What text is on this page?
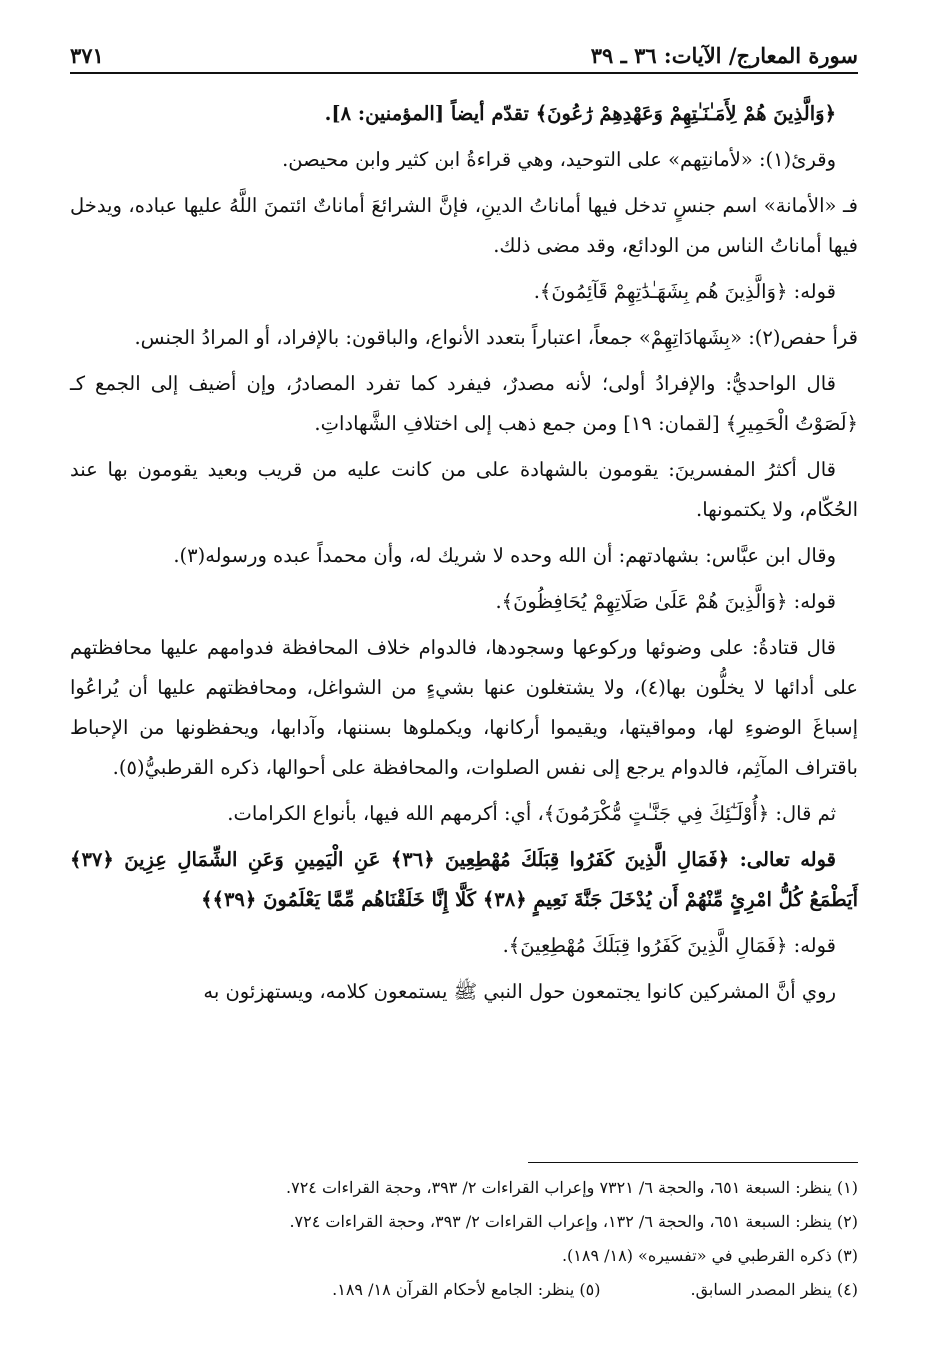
سورة المعارج/ الآيات: ٣٦ ـ ٣٩
٣٧١

﴿وَالَّذِينَ هُمْ لِأَمَـٰنَـٰتِهِمْ وَعَهْدِهِمْ رَٰعُونَ﴾ تقدّم أيضاً [المؤمنين: ٨].

وقرئ(١): «لأمانتِهم» على التوحيد، وهي قراءةُ ابن كثير وابن محيصن.

فـ «الأمانة» اسم جنسٍ تدخل فيها أماناتُ الدينِ، فإنَّ الشرائعَ أماناتٌ ائتمنَ اللَّهُ عليها عباده، ويدخل فيها أماناتُ الناس من الودائع، وقد مضى ذلك.

قوله: ﴿وَالَّذِينَ هُم بِشَهَـٰدَٰتِهِمْ قَآئِمُونَ﴾.

قرأ حفص(٢): «بِشَهادَاتِهِمْ» جمعاً، اعتباراً بتعدد الأنواع، والباقون: بالإفراد، أو المرادُ الجنس.

قال الواحديُّ: والإفرادُ أولى؛ لأنه مصدرٌ، فيفرد كما تفرد المصادرُ، وإن أضيف إلى الجمع كـ ﴿لَصَوْتُ الْحَمِيرِ﴾ [لقمان: ١٩] ومن جمع ذهب إلى اختلافِ الشَّهاداتِ.

قال أكثرُ المفسرينَ: يقومون بالشهادة على من كانت عليه من قريب وبعيد يقومون بها عند الحُكّام، ولا يكتمونها.

وقال ابن عبَّاس: بشهادتهم: أن الله وحده لا شريك له، وأن محمداً عبده ورسوله(٣).

قوله: ﴿وَالَّذِينَ هُمْ عَلَىٰ صَلَاتِهِمْ يُحَافِظُونَ﴾.

قال قتادةُ: على وضوئها وركوعها وسجودها، فالدوام خلاف المحافظة فدوامهم عليها محافظتهم على أدائها لا يخلُّون بها(٤)، ولا يشتغلون عنها بشيءٍ من الشواغل، ومحافظتهم عليها أن يُراعُوا إسباغَ الوضوءِ لها، ومواقيتها، ويقيموا أركانها، ويكملوها بسننها، وآدابها، ويحفظونها من الإحباط باقتراف المآثِم، فالدوام يرجع إلى نفس الصلوات، والمحافظة على أحوالها، ذكره القرطبيُّ(٥).

ثم قال: ﴿أُوْلَـٰٓئِكَ فِي جَنَّـٰتٍ مُّكْرَمُونَ﴾، أي: أكرمهم الله فيها، بأنواع الكرامات.

قوله تعالى: ﴿فَمَالِ الَّذِينَ كَفَرُوا قِبَلَكَ مُهْطِعِينَ ﴿٣٦﴾ عَنِ الْيَمِينِ وَعَنِ الشِّمَالِ عِزِينَ ﴿٣٧﴾ أَيَطْمَعُ كُلُّ امْرِئٍ مِّنْهُمْ أَن يُدْخَلَ جَنَّةَ نَعِيمٍ ﴿٣٨﴾ كَلَّا إِنَّا خَلَقْنَاهُم مِّمَّا يَعْلَمُونَ ﴿٣٩﴾﴾

قوله: ﴿فَمَالِ الَّذِينَ كَفَرُوا قِبَلَكَ مُهْطِعِينَ﴾.

روي أنَّ المشركين كانوا يجتمعون حول النبي ﷺ يستمعون كلامه، ويستهزئون به

(١) ينظر: السبعة ٦٥١، والحجة ٦/ ٧٣٢١ وإعراب القراءات ٢/ ٣٩٣، وحجة القراءات ٧٢٤.
(٢) ينظر: السبعة ٦٥١، والحجة ٦/ ١٣٢، وإعراب القراءات ٢/ ٣٩٣، وحجة القراءات ٧٢٤.
(٣) ذكره القرطبي في «تفسيره» (١٨/ ١٨٩).
(٤) ينظر المصدر السابق.
(٥) ينظر: الجامع لأحكام القرآن ١٨/ ١٨٩.
